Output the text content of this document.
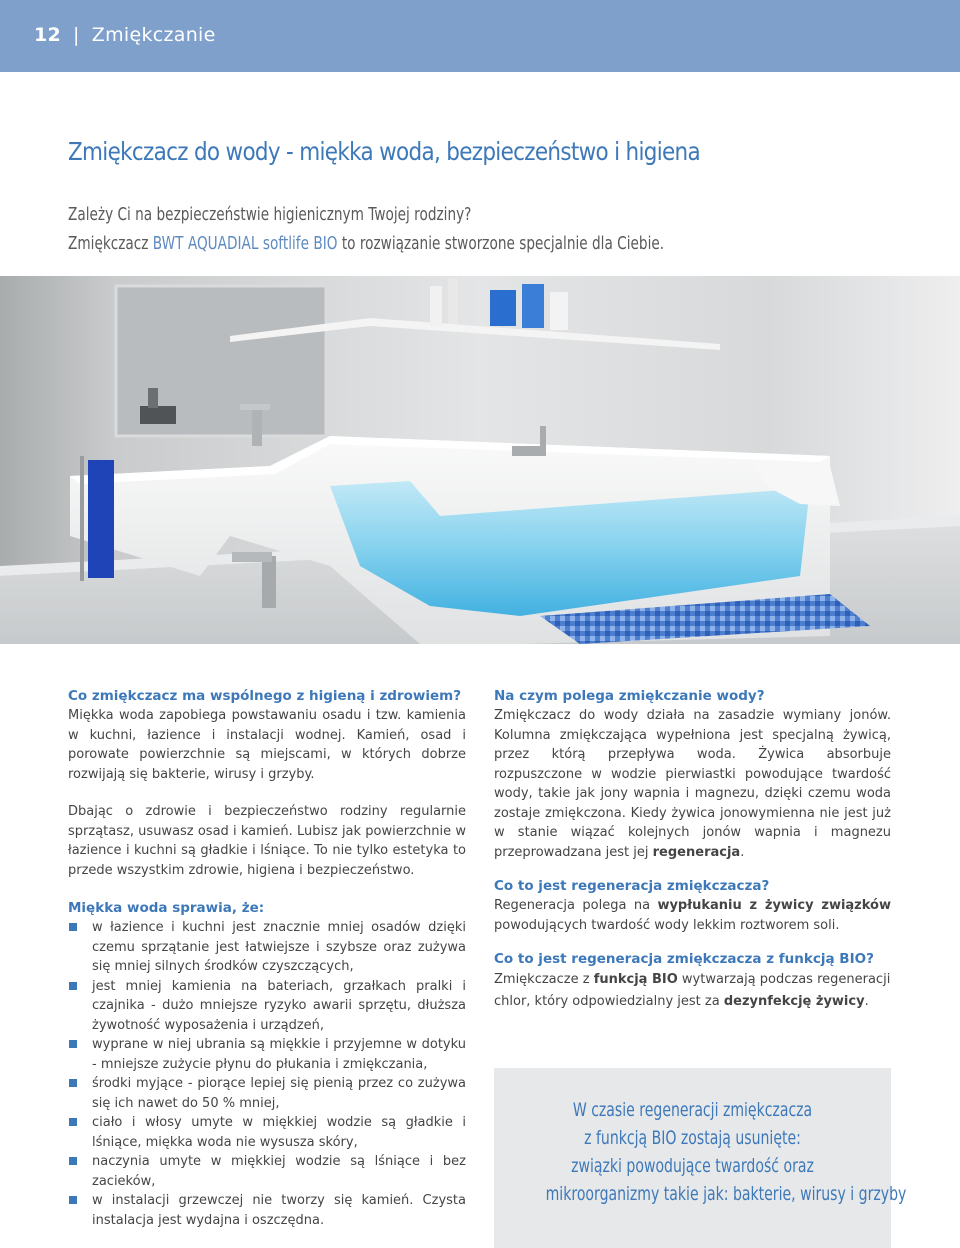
12 | Zmiękczanie
Zmiękczacz do wody - miękka woda, bezpieczeństwo i higiena
Zależy Ci na bezpieczeństwie higienicznym Twojej rodziny?
Zmiękczacz BWT AQUADIAL softlife BIO to rozwiązanie stworzone specjalnie dla Ciebie.
Co zmiękczacz ma wspólnego z higieną i zdrowiem?

Miękka woda zapobiega powstawaniu osadu i tzw. kamienia w kuchni, łazience i instalacji wodnej. Kamień, osad i porowate powierzchnie są miejscami, w których dobrze rozwijają się bakterie, wirusy i grzyby.

Dbając o zdrowie i bezpieczeństwo rodziny regularnie sprzątasz, usuwasz osad i kamień. Lubisz jak powierzchnie w łazience i kuchni są gładkie i lśniące. To nie tylko estetyka to przede wszystkim zdrowie, higiena i bezpieczeństwo.

Miękka woda sprawia, że:
w łazience i kuchni jest znacznie mniej osadów dzięki czemu sprzątanie jest łatwiejsze i szybsze oraz zużywa się mniej silnych środków czyszczących,
jest mniej kamienia na bateriach, grzałkach pralki i czajnika - dużo mniejsze ryzyko awarii sprzętu, dłuższa żywotność wyposażenia i urządzeń,
wyprane w niej ubrania są miękkie i przyjemne w dotyku - mniejsze zużycie płynu do płukania i zmiękczania,
środki myjące - piorące lepiej się pienią przez co zużywa się ich nawet do 50 % mniej,
ciało i włosy umyte w miękkiej wodzie są gładkie i lśniące, miękka woda nie wysusza skóry,
naczynia umyte w miękkiej wodzie są lśniące i bez zacieków,
w instalacji grzewczej nie tworzy się kamień. Czysta instalacja jest wydajna i oszczędna.
Na czym polega zmiękczanie wody?

Zmiękczacz do wody działa na zasadzie wymiany jonów. Kolumna zmiękczająca wypełniona jest specjalną żywicą, przez którą przepływa woda. Żywica absorbuje rozpuszczone w wodzie pierwiastki powodujące twardość wody, takie jak jony wapnia i magnezu, dzięki czemu woda zostaje zmiękczona. Kiedy żywica jonowymienna nie jest już w stanie wiązać kolejnych jonów wapnia i magnezu przeprowadzana jest jej regeneracja.

Co to jest regeneracja zmiękczacza?

Regeneracja polega na wypłukaniu z żywicy związków powodujących twardość wody lekkim roztworem soli.

Co to jest regeneracja zmiękczacza z funkcją BIO?

Zmiękczacze z funkcją BIO wytwarzają podczas regeneracji chlor, który odpowiedzialny jest za dezynfekcję żywicy.

W czasie regeneracji zmiękczacza
z funkcją BIO zostają usunięte:
związki powodujące twardość oraz
mikroorganizmy takie jak: bakterie, wirusy i grzyby
